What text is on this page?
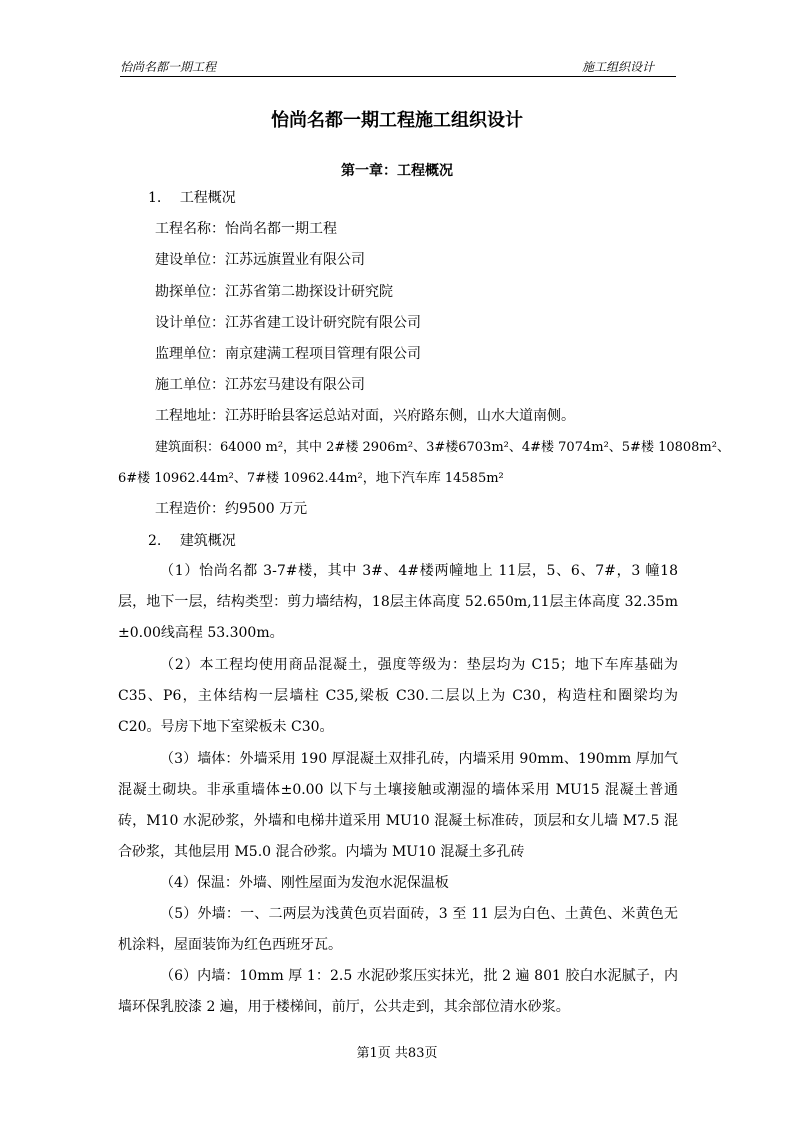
怡尚名都一期工程	施工组织设计
怡尚名都一期工程施工组织设计
第一章：工程概况
1. 工程概况
工程名称：怡尚名都一期工程
建设单位：江苏远旗置业有限公司
勘探单位：江苏省第二勘探设计研究院
设计单位：江苏省建工设计研究院有限公司
监理单位：南京建满工程项目管理有限公司
施工单位：江苏宏马建设有限公司
工程地址：江苏盱眙县客运总站对面，兴府路东侧，山水大道南侧。
建筑面积：64000 m²，其中 2#楼 2906m²、3#楼6703m²、4#楼 7074m²、5#楼 10808m²、
6#楼 10962.44m²、7#楼 10962.44m²，地下汽车库 14585m²
工程造价：约9500 万元
2. 建筑概况
（1）怡尚名都 3-7#楼，其中 3#、4#楼两幢地上 11层，5、6、7#，3 幢18层，地下一层，结构类型：剪力墙结构，18层主体高度 52.650m,11层主体高度 32.35m ±0.00线高程 53.300m。
（2）本工程均使用商品混凝土，强度等级为：垫层均为 C15；地下车库基础为 C35、P6，主体结构一层墙柱 C35,梁板 C30.二层以上为 C30，构造柱和圈梁均为 C20。号房下地下室梁板未 C30。
（3）墙体：外墙采用 190 厚混凝土双排孔砖，内墙采用 90mm、190mm 厚加气混凝土砌块。非承重墙体±0.00 以下与土壤接触或潮湿的墙体采用 MU15 混凝土普通砖，M10 水泥砂浆，外墙和电梯井道采用 MU10 混凝土标准砖，顶层和女儿墙 M7.5 混合砂浆，其他层用 M5.0 混合砂浆。内墙为 MU10 混凝土多孔砖
（4）保温：外墙、刚性屋面为发泡水泥保温板
（5）外墙：一、二两层为浅黄色页岩面砖，3 至 11 层为白色、土黄色、米黄色无机涂料，屋面装饰为红色西班牙瓦。
（6）内墙：10mm 厚 1：2.5 水泥砂浆压实抹光，批 2 遍 801 胶白水泥腻子，内墙环保乳胶漆 2 遍，用于楼梯间，前厅，公共走到，其余部位清水砂浆。
第1页 共83页
